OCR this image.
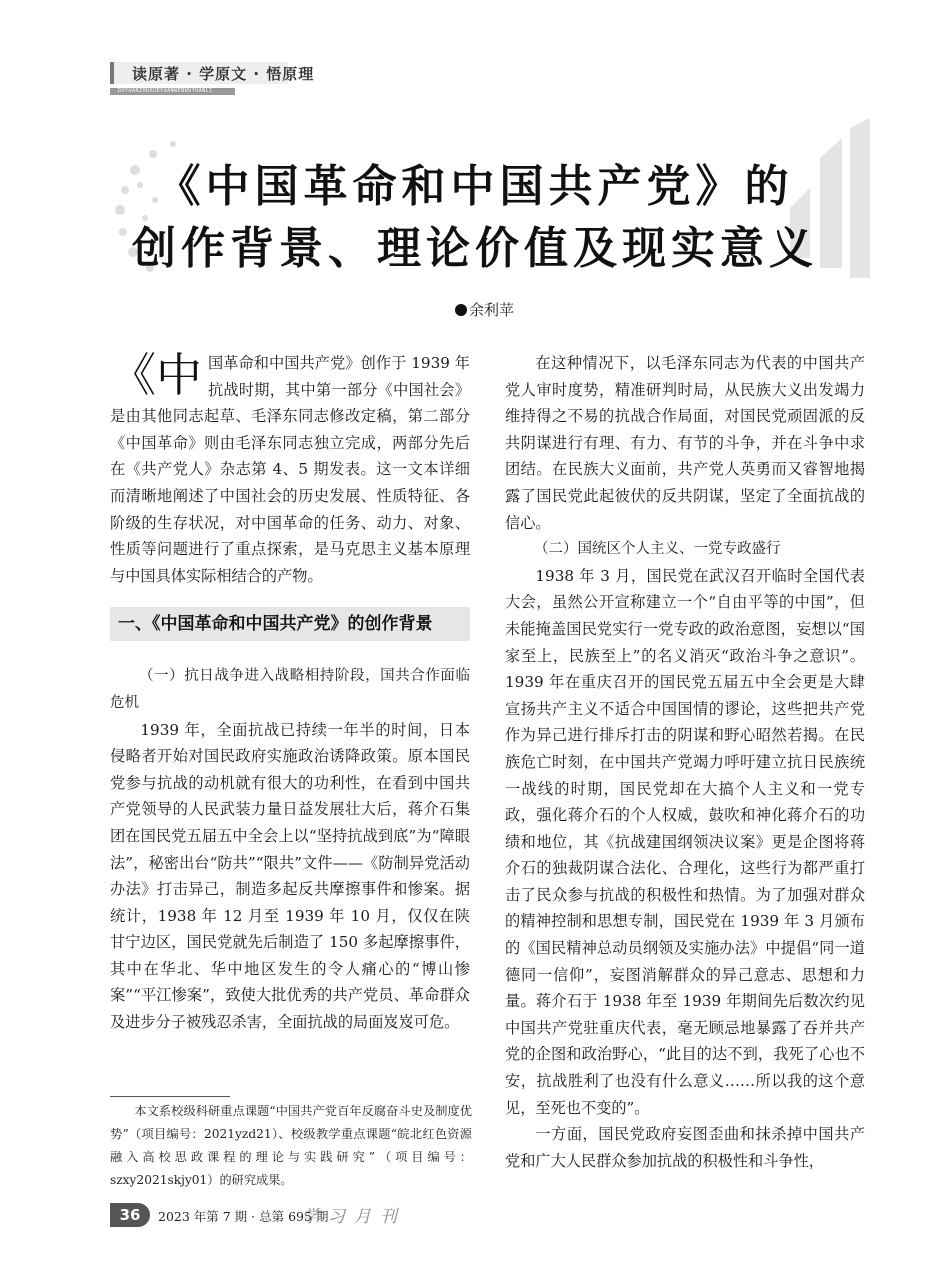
读原著 · 学原文 · 悟原理
DUYUANZHUXUEYUANWENWUYUANLI
《中国革命和中国共产党》的
创作背景、理论价值及现实意义
余利苹

《中国革命和中国共产党》创作于 1939 年抗战时期，其中第一部分《中国社会》是由其他同志起草、毛泽东同志修改定稿，第二部分《中国革命》则由毛泽东同志独立完成，两部分先后在《共产党人》杂志第 4、5 期发表。这一文本详细而清晰地阐述了中国社会的历史发展、性质特征、各阶级的生存状况，对中国革命的任务、动力、对象、性质等问题进行了重点探索，是马克思主义基本原理与中国具体实际相结合的产物。

一、《中国革命和中国共产党》的创作背景

（一）抗日战争进入战略相持阶段，国共合作面临危机

1939 年，全面抗战已持续一年半的时间，日本侵略者开始对国民政府实施政治诱降政策。原本国民党参与抗战的动机就有很大的功利性，在看到中国共产党领导的人民武装力量日益发展壮大后，蒋介石集团在国民党五届五中全会上以“坚持抗战到底”为“障眼法”，秘密出台“防共”“限共”文件——《防制异党活动办法》打击异己，制造多起反共摩擦事件和惨案。据统计，1938 年 12 月至 1939 年 10 月，仅仅在陕甘宁边区，国民党就先后制造了 150 多起摩擦事件，其中在华北、华中地区发生的令人痛心的“博山惨案”“平江惨案”，致使大批优秀的共产党员、革命群众及进步分子被残忍杀害，全面抗战的局面岌岌可危。

本文系校级科研重点课题“中国共产党百年反腐奋斗史及制度优势”（项目编号：2021yzd21）、校级教学重点课题“皖北红色资源融入高校思政课程的理论与实践研究”（项目编号：szxy2021skjy01）的研究成果。

在这种情况下，以毛泽东同志为代表的中国共产党人审时度势，精准研判时局，从民族大义出发竭力维持得之不易的抗战合作局面，对国民党顽固派的反共阴谋进行有理、有力、有节的斗争，并在斗争中求团结。在民族大义面前，共产党人英勇而又睿智地揭露了国民党此起彼伏的反共阴谋，坚定了全面抗战的信心。

（二）国统区个人主义、一党专政盛行

1938 年 3 月，国民党在武汉召开临时全国代表大会，虽然公开宣称建立一个“自由平等的中国”，但未能掩盖国民党实行一党专政的政治意图，妄想以“国家至上，民族至上”的名义消灭“政治斗争之意识”。1939 年在重庆召开的国民党五届五中全会更是大肆宣扬共产主义不适合中国国情的谬论，这些把共产党作为异己进行排斥打击的阴谋和野心昭然若揭。在民族危亡时刻，在中国共产党竭力呼吁建立抗日民族统一战线的时期，国民党却在大搞个人主义和一党专政，强化蒋介石的个人权威，鼓吹和神化蒋介石的功绩和地位，其《抗战建国纲领决议案》更是企图将蒋介石的独裁阴谋合法化、合理化，这些行为都严重打击了民众参与抗战的积极性和热情。为了加强对群众的精神控制和思想专制，国民党在 1939 年 3 月颁布的《国民精神总动员纲领及实施办法》中提倡“同一道德同一信仰”，妄图消解群众的异己意志、思想和力量。蒋介石于 1938 年至 1939 年期间先后数次约见中国共产党驻重庆代表，毫无顾忌地暴露了吞并共产党的企图和政治野心，“此目的达不到，我死了心也不安，抗战胜利了也没有什么意义……所以我的这个意见，至死也不变的”。

一方面，国民党政府妄图歪曲和抹杀掉中国共产党和广大人民群众参加抗战的积极性和斗争性，

36	2023 年第 7 期 · 总第 695 期
学习月刊
